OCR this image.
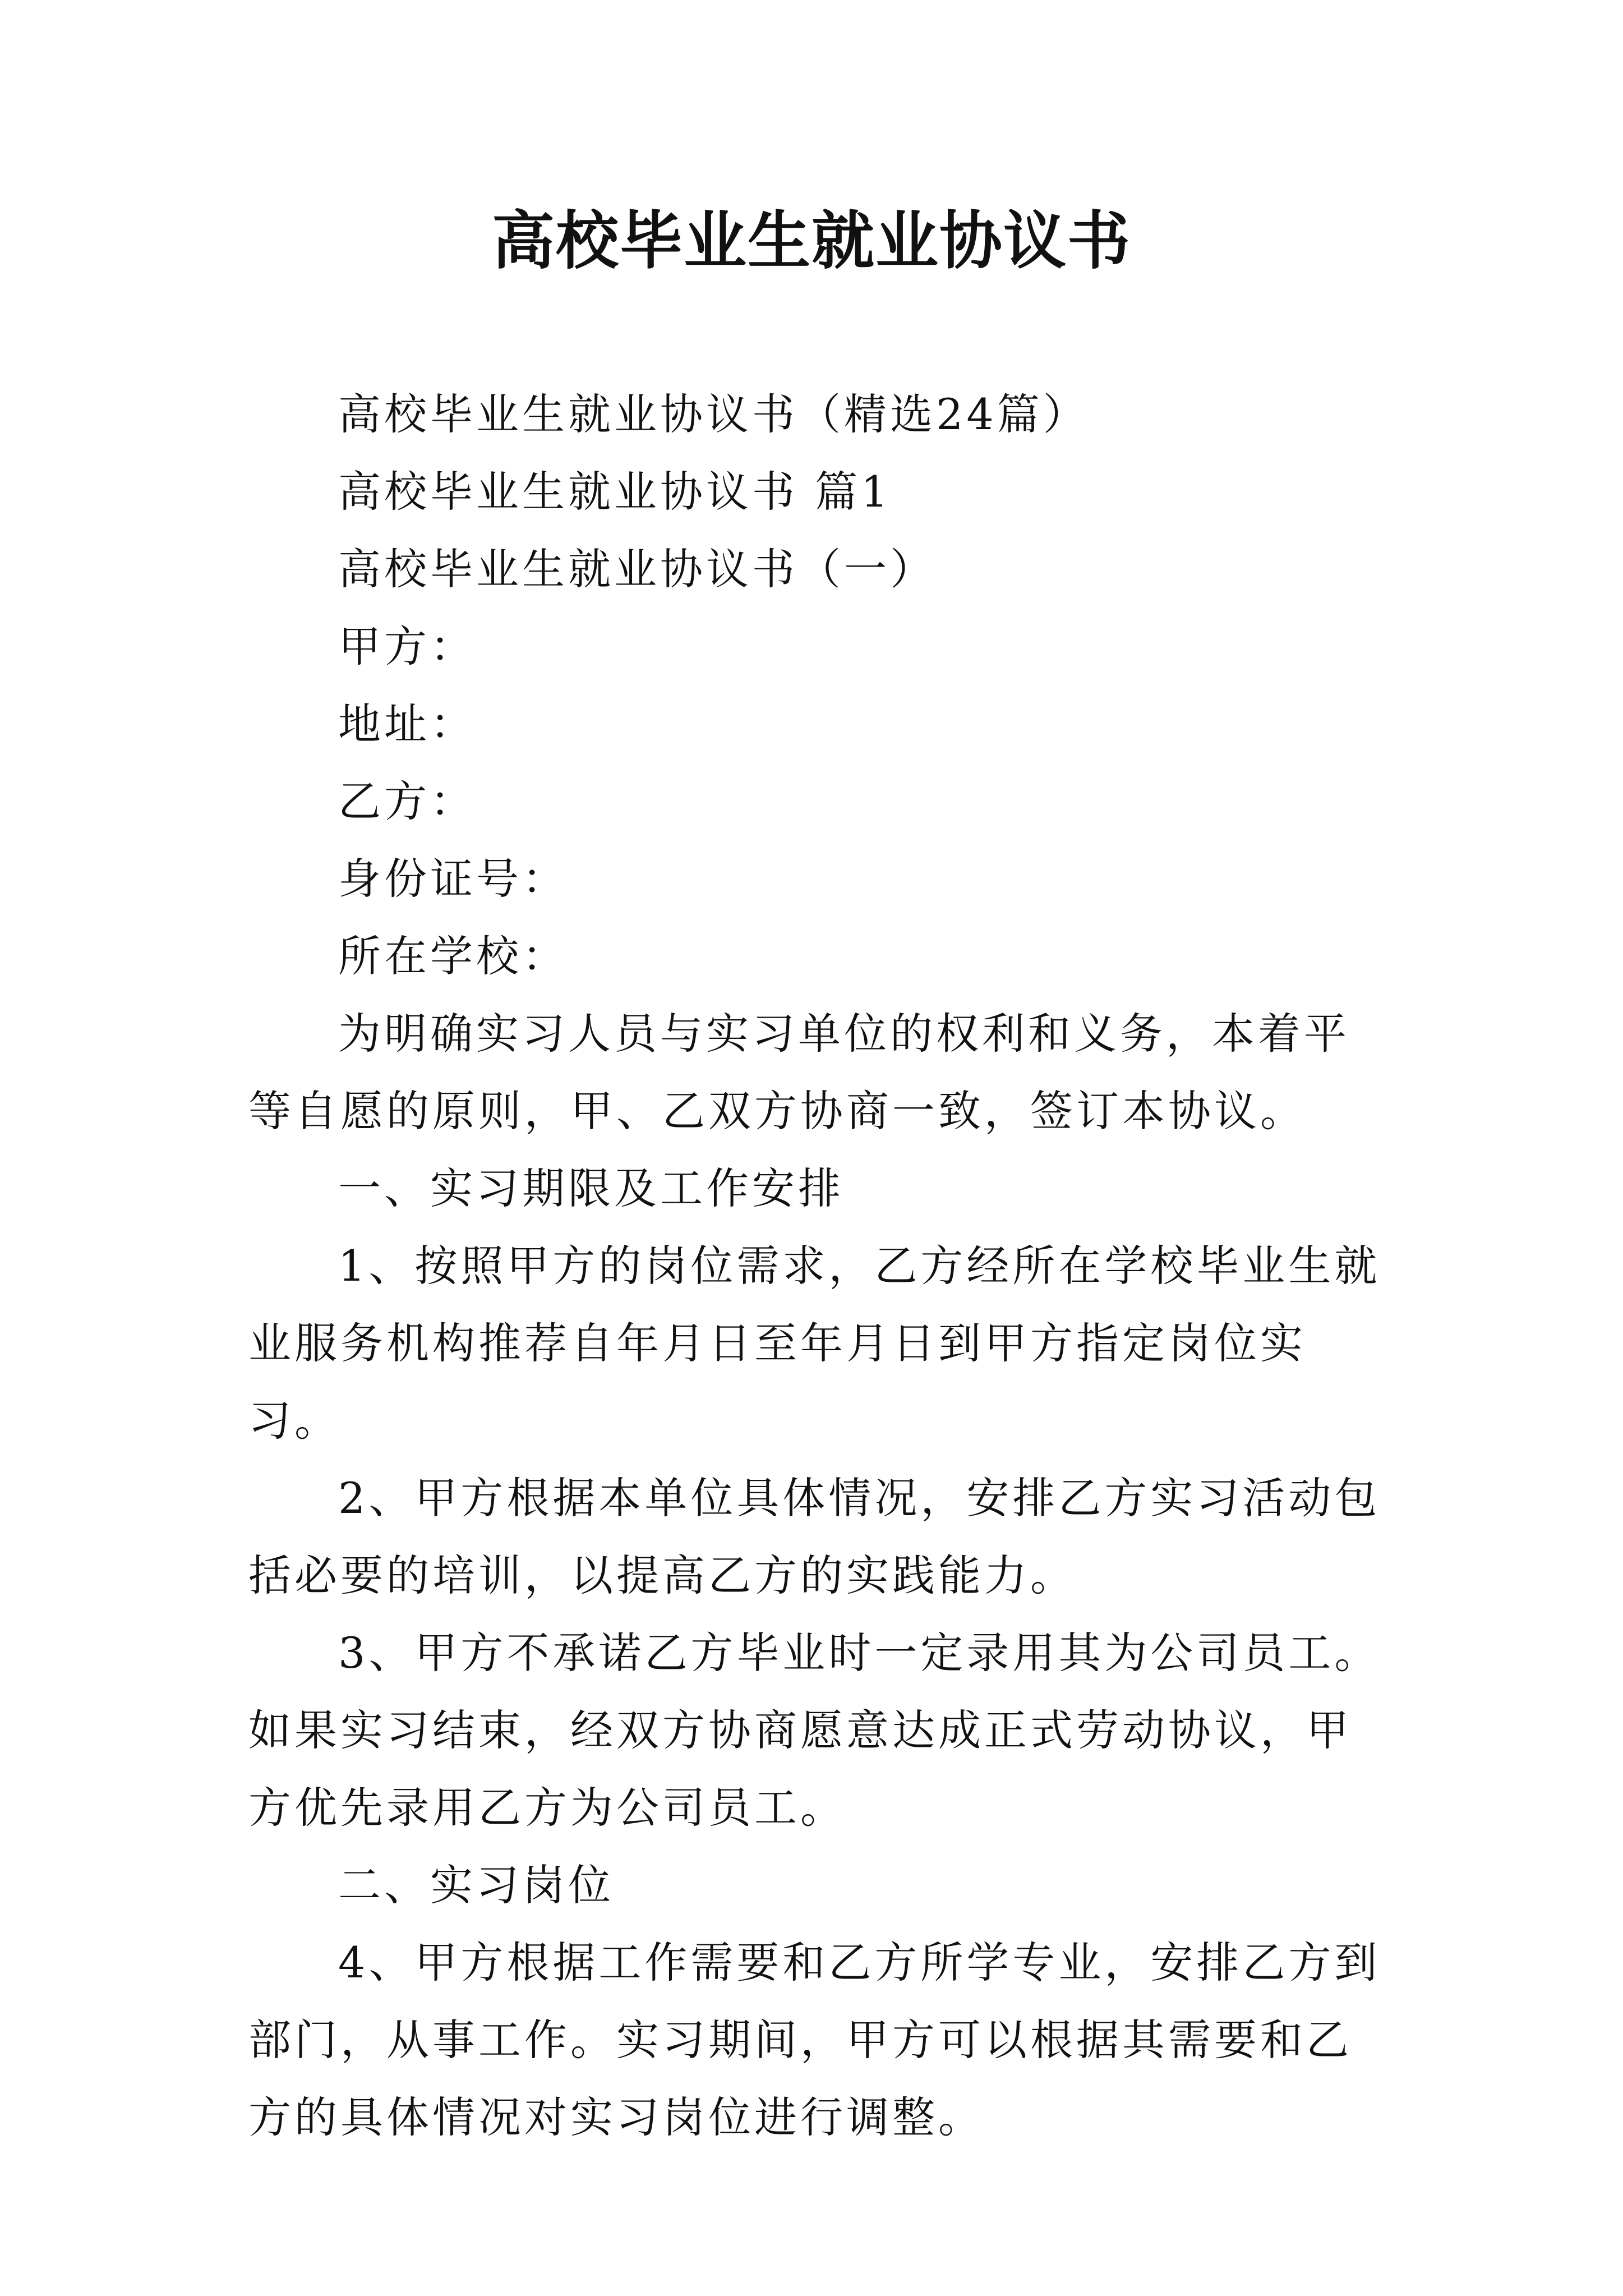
高校毕业生就业协议书

高校毕业生就业协议书（精选24篇）

高校毕业生就业协议书 篇1

高校毕业生就业协议书（一）

甲方：

地址：

乙方：

身份证号：

所在学校：

为明确实习人员与实习单位的权利和义务，本着平等自愿的原则，甲、乙双方协商一致，签订本协议。

一、实习期限及工作安排

1、按照甲方的岗位需求，乙方经所在学校毕业生就业服务机构推荐自年月日至年月日到甲方指定岗位实习。

2、甲方根据本单位具体情况，安排乙方实习活动包括必要的培训，以提高乙方的实践能力。

3、甲方不承诺乙方毕业时一定录用其为公司员工。如果实习结束，经双方协商愿意达成正式劳动协议，甲方优先录用乙方为公司员工。

二、实习岗位

4、甲方根据工作需要和乙方所学专业，安排乙方到部门，从事工作。实习期间，甲方可以根据其需要和乙方的具体情况对实习岗位进行调整。
